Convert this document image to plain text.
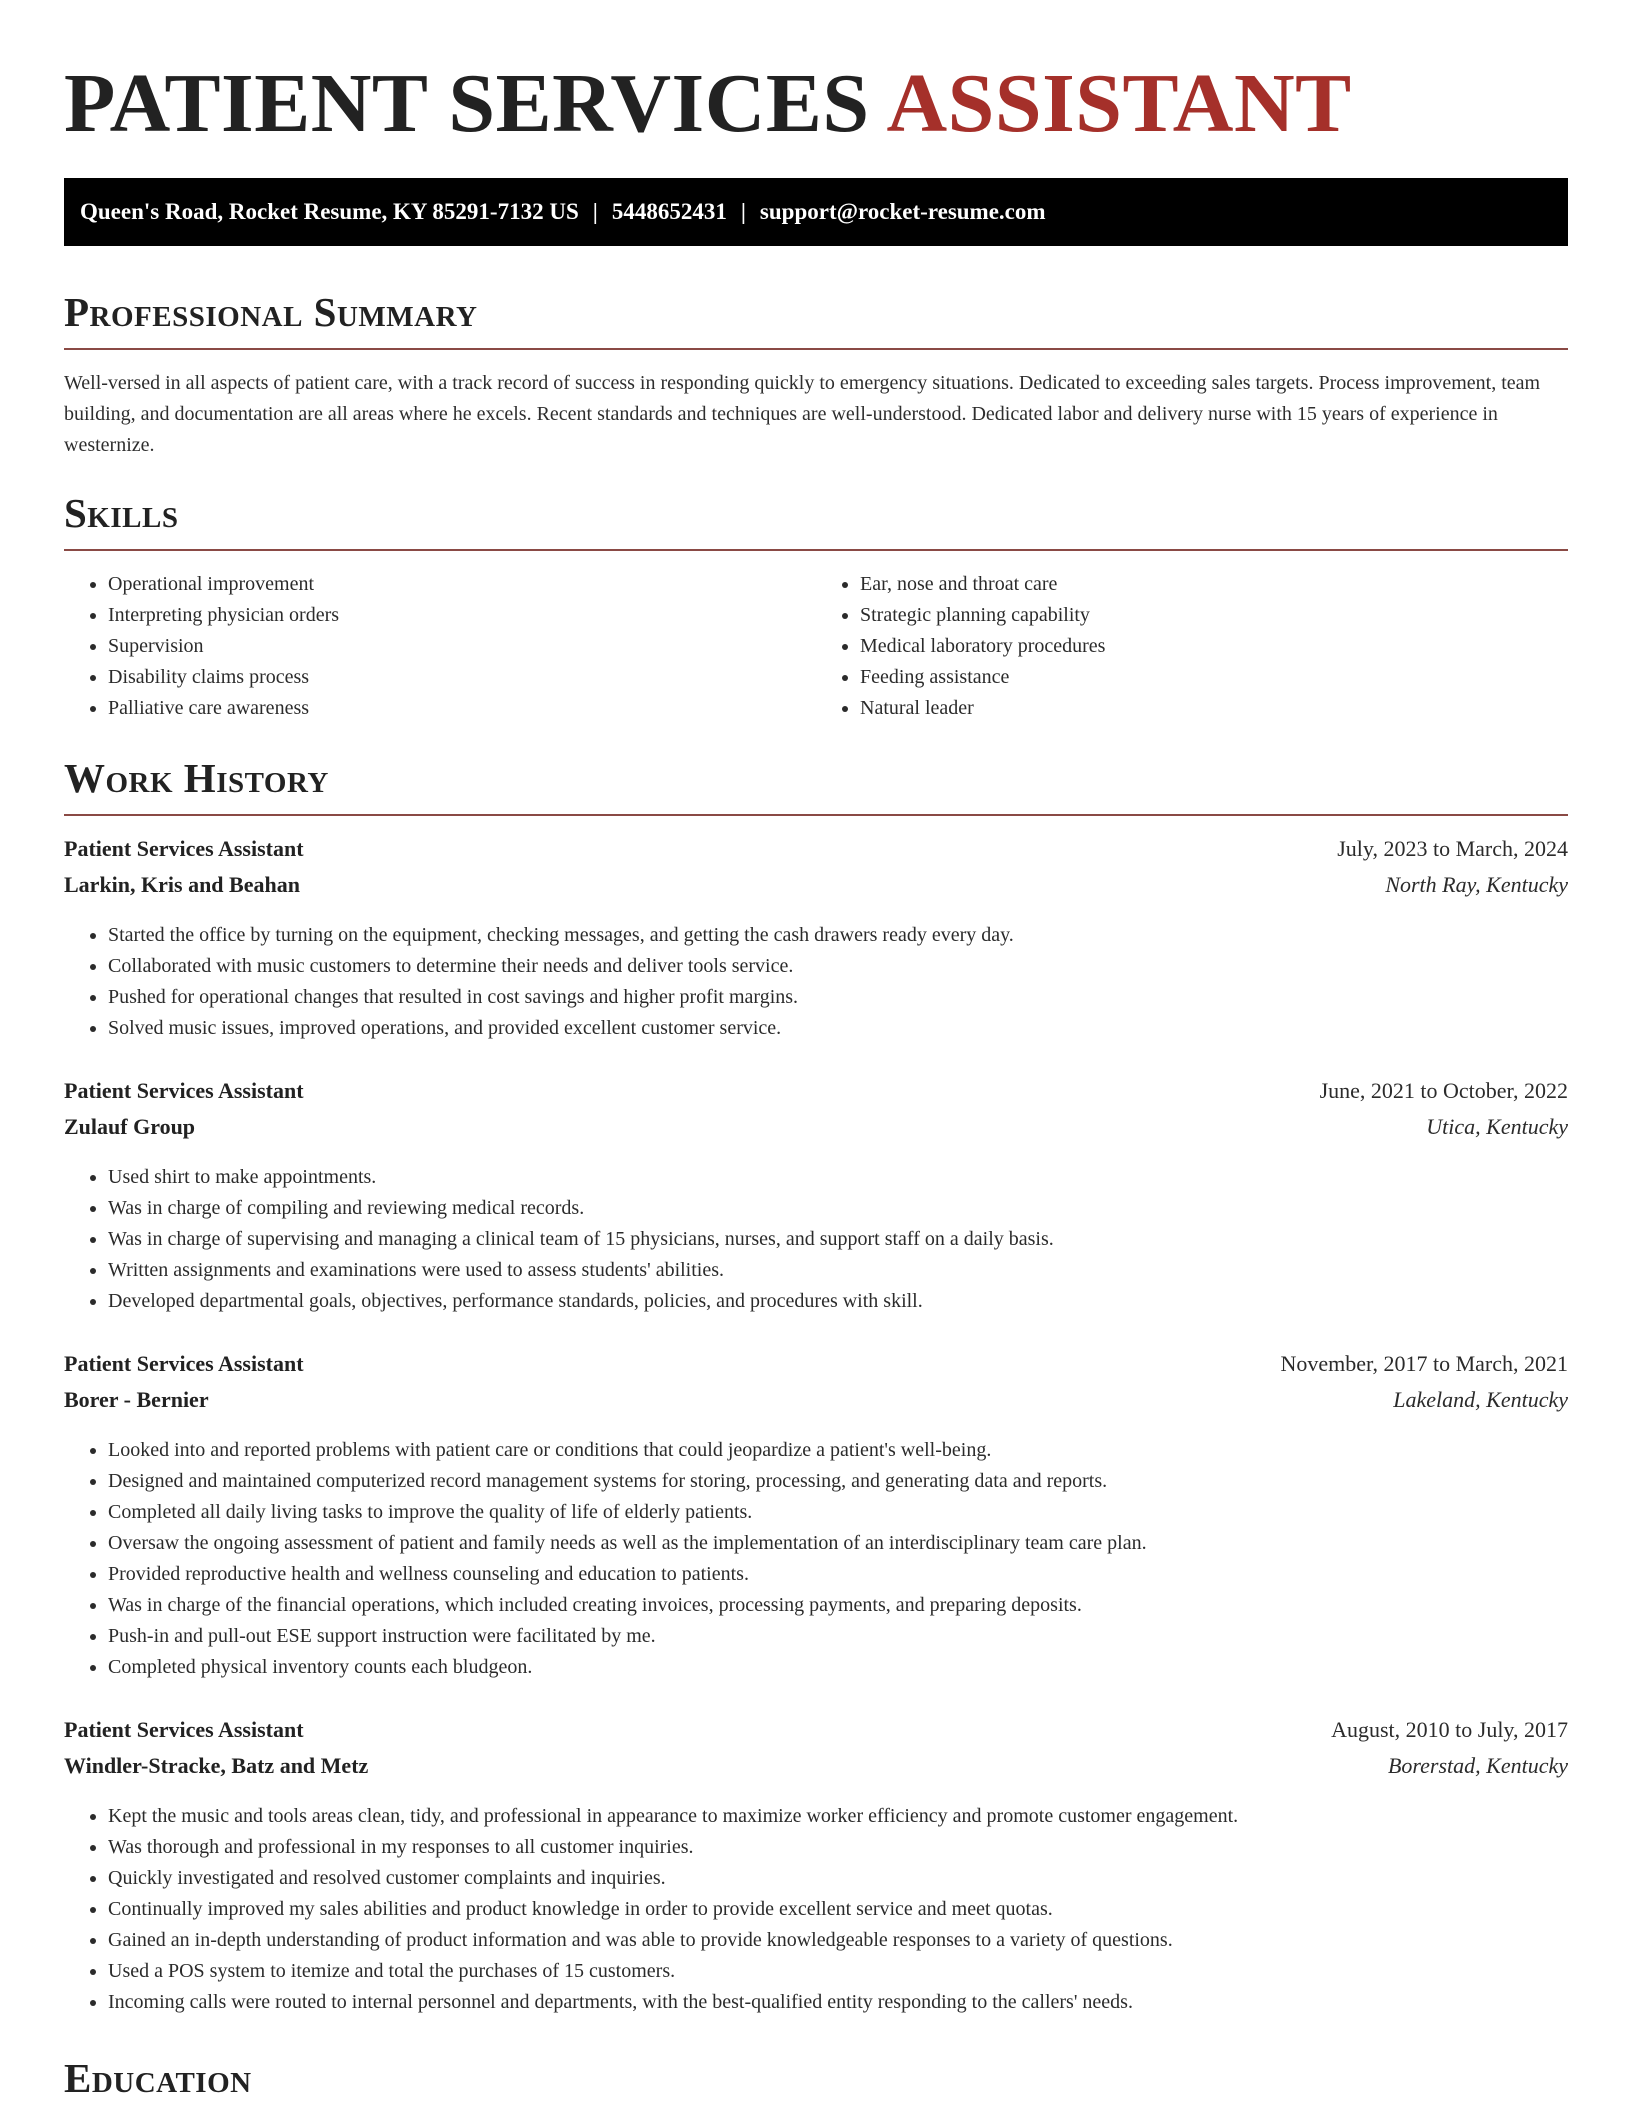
PATIENT SERVICES ASSISTANT
Queen's Road, Rocket Resume, KY 85291-7132 US | 5448652431 | support@rocket-resume.com
Professional Summary

Well-versed in all aspects of patient care, with a track record of success in responding quickly to emergency situations. Dedicated to exceeding sales targets. Process improvement, team building, and documentation are all areas where he excels. Recent standards and techniques are well-understood. Dedicated labor and delivery nurse with 15 years of experience in westernize.

Skills
• Operational improvement
• Interpreting physician orders
• Supervision
• Disability claims process
• Palliative care awareness
• Ear, nose and throat care
• Strategic planning capability
• Medical laboratory procedures
• Feeding assistance
• Natural leader
Work History
Patient Services Assistant	July, 2023 to March, 2024
Larkin, Kris and Beahan	North Ray, Kentucky
• Started the office by turning on the equipment, checking messages, and getting the cash drawers ready every day.
• Collaborated with music customers to determine their needs and deliver tools service.
• Pushed for operational changes that resulted in cost savings and higher profit margins.
• Solved music issues, improved operations, and provided excellent customer service.
Patient Services Assistant	June, 2021 to October, 2022
Zulauf Group	Utica, Kentucky
• Used shirt to make appointments.
• Was in charge of compiling and reviewing medical records.
• Was in charge of supervising and managing a clinical team of 15 physicians, nurses, and support staff on a daily basis.
• Written assignments and examinations were used to assess students' abilities.
• Developed departmental goals, objectives, performance standards, policies, and procedures with skill.
Patient Services Assistant	November, 2017 to March, 2021
Borer - Bernier	Lakeland, Kentucky
• Looked into and reported problems with patient care or conditions that could jeopardize a patient's well-being.
• Designed and maintained computerized record management systems for storing, processing, and generating data and reports.
• Completed all daily living tasks to improve the quality of life of elderly patients.
• Oversaw the ongoing assessment of patient and family needs as well as the implementation of an interdisciplinary team care plan.
• Provided reproductive health and wellness counseling and education to patients.
• Was in charge of the financial operations, which included creating invoices, processing payments, and preparing deposits.
• Push-in and pull-out ESE support instruction were facilitated by me.
• Completed physical inventory counts each bludgeon.
Patient Services Assistant	August, 2010 to July, 2017
Windler-Stracke, Batz and Metz	Borerstad, Kentucky
• Kept the music and tools areas clean, tidy, and professional in appearance to maximize worker efficiency and promote customer engagement.
• Was thorough and professional in my responses to all customer inquiries.
• Quickly investigated and resolved customer complaints and inquiries.
• Continually improved my sales abilities and product knowledge in order to provide excellent service and meet quotas.
• Gained an in-depth understanding of product information and was able to provide knowledgeable responses to a variety of questions.
• Used a POS system to itemize and total the purchases of 15 customers.
• Incoming calls were routed to internal personnel and departments, with the best-qualified entity responding to the callers' needs.
Education
